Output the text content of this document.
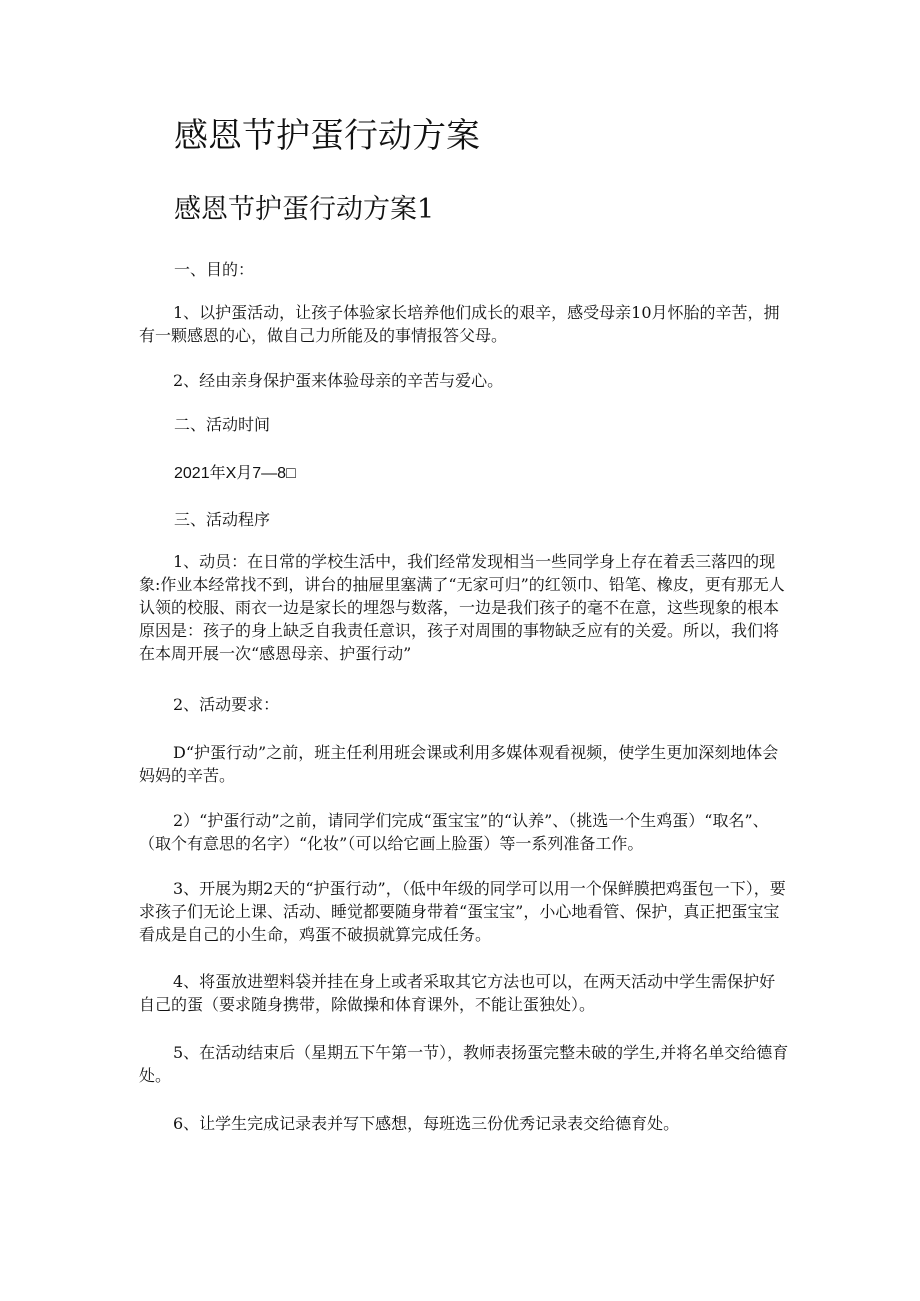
感恩节护蛋行动方案
感恩节护蛋行动方案1

一、目的：

1、以护蛋活动，让孩子体验家长培养他们成长的艰辛，感受母亲10月怀胎的辛苦，拥有一颗感恩的心，做自己力所能及的事情报答父母。

2、经由亲身保护蛋来体验母亲的辛苦与爱心。

二、活动时间

2021年X月7—8□

三、活动程序

1、动员：在日常的学校生活中，我们经常发现相当一些同学身上存在着丢三落四的现象:作业本经常找不到，讲台的抽屉里塞满了“无家可归”的红领巾、铅笔、橡皮，更有那无人认领的校服、雨衣一边是家长的埋怨与数落，一边是我们孩子的毫不在意，这些现象的根本原因是：孩子的身上缺乏自我责任意识，孩子对周围的事物缺乏应有的关爱。所以，我们将在本周开展一次“感恩母亲、护蛋行动”

2、活动要求：

D“护蛋行动”之前，班主任利用班会课或利用多媒体观看视频，使学生更加深刻地体会妈妈的辛苦。

2）“护蛋行动”之前，请同学们完成“蛋宝宝”的“认养”、（挑选一个生鸡蛋）“取名”、（取个有意思的名字）“化妆”（可以给它画上脸蛋）等一系列准备工作。

3、开展为期2天的“护蛋行动”，（低中年级的同学可以用一个保鲜膜把鸡蛋包一下），要求孩子们无论上课、活动、睡觉都要随身带着“蛋宝宝”，小心地看管、保护，真正把蛋宝宝看成是自己的小生命，鸡蛋不破损就算完成任务。

4、将蛋放进塑料袋并挂在身上或者采取其它方法也可以，在两天活动中学生需保护好自己的蛋（要求随身携带，除做操和体育课外，不能让蛋独处）。

5、在活动结束后（星期五下午第一节），教师表扬蛋完整未破的学生,并将名单交给德育处。

6、让学生完成记录表并写下感想，每班选三份优秀记录表交给德育处。
